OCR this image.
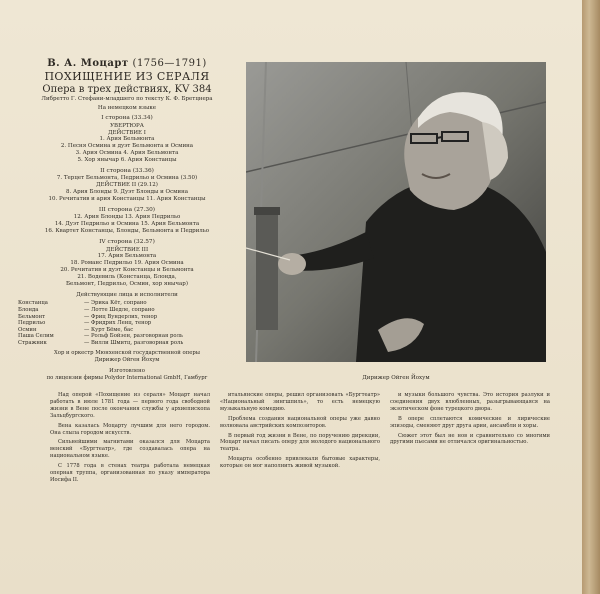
В. А. Моцарт (1756—1791)
ПОХИЩЕНИЕ ИЗ СЕРАЛЯ
Опера в трех действиях, KV 384
Либретто Г. Стефани-младшего по тексту К. Ф. Бретцнера
На немецком языке
I сторона (33.34)
УВЕРТЮРА
ДЕЙСТВИЕ I
1. Ария Бельмонта
2. Песня Осмина и дуэт Бельмонта и Осмина
3. Ария Осмина 4. Ария Бельмонта
5. Хор янычар 6. Ария Констанцы
II сторона (33.36)
7. Терцет Бельмонта, Педрильо и Осмина (3.50)
ДЕЙСТВИЕ II (29.12)
8. Ария Блонды 9. Дуэт Блонды и Осмина
10. Речитатив и ария Констанцы 11. Ария Констанцы
III сторона (27.30)
12. Ария Блонды 13. Ария Педрильо
14. Дуэт Педрильо и Осмина 15. Ария Бельмонта
16. Квартет Констанцы, Блонды, Бельмонта и Педрильо
IV сторона (32.57)
ДЕЙСТВИЕ III
17. Ария Бельмонта
18. Романс Педрильо 19. Ария Осмина
20. Речитатив и дуэт Констанцы и Бельмонта
21. Водевиль (Констанца, Блонда,
Бельмонт, Педрильо, Осмин, хор янычар)
Действующие лица и исполнители
Констанца	— Эрика Кёт, сопрано
Блонда	— Лотте Шедле, сопрано
Бельмонт	— Фриц Вундерлих, тенор
Педрильо	— Фридрих Ленц, тенор
Осмин	— Курт Бёме, бас
Паша Селим	— Рольф Бойзен, разговорная роль
Стражник	— Вилли Шмитц, разговорная роль
Хор и оркестр Мюнхенской государственной оперы
Дирижер Ойген Йохум
Дирижер Ойген Йохум
Изготовлено
по лицензии фирмы Polydor International GmbH, Гамбург

Над оперой «Похищение из сераля» Моцарт начал работать в июле 1781 года — первого года свободной жизни в Вене после окончания службы у архиепископа Зальцбургского.

Вена казалась Моцарту лучшим для него городом. Она слыла городом искусств.

Сильнейшими магнитами оказался для Моцарта венский «Бургтеатр», где создавалась опера на национальном языке.

С 1778 года в стенах театра работала немецкая оперная труппа, организованная по указу императора Иосифа II.

итальянские оперы, решил организовать «Бургтеатр» «Национальный зингшпиль», то есть немецкую музыкальную комедию.

Проблема создания национальной оперы уже давно волновала австрийских композиторов.

В первый год жизни в Вене, по поручению дирекции, Моцарт начал писать оперу для молодого национального театра.

Моцарта особенно привлекали бытовые характеры, которые он мог наполнить живой музыкой.

и музыки большого чувства. Это история разлуки и соединения двух влюбленных, разыгрывающаяся на экзотическом фоне турецкого двора.

В опере сплетаются комические и лирические эпизоды, сменяют друг друга арии, ансамбли и хоры.

Сюжет этот был не нов и сравнительно со многими другими пьесами не отличался оригинальностью.
